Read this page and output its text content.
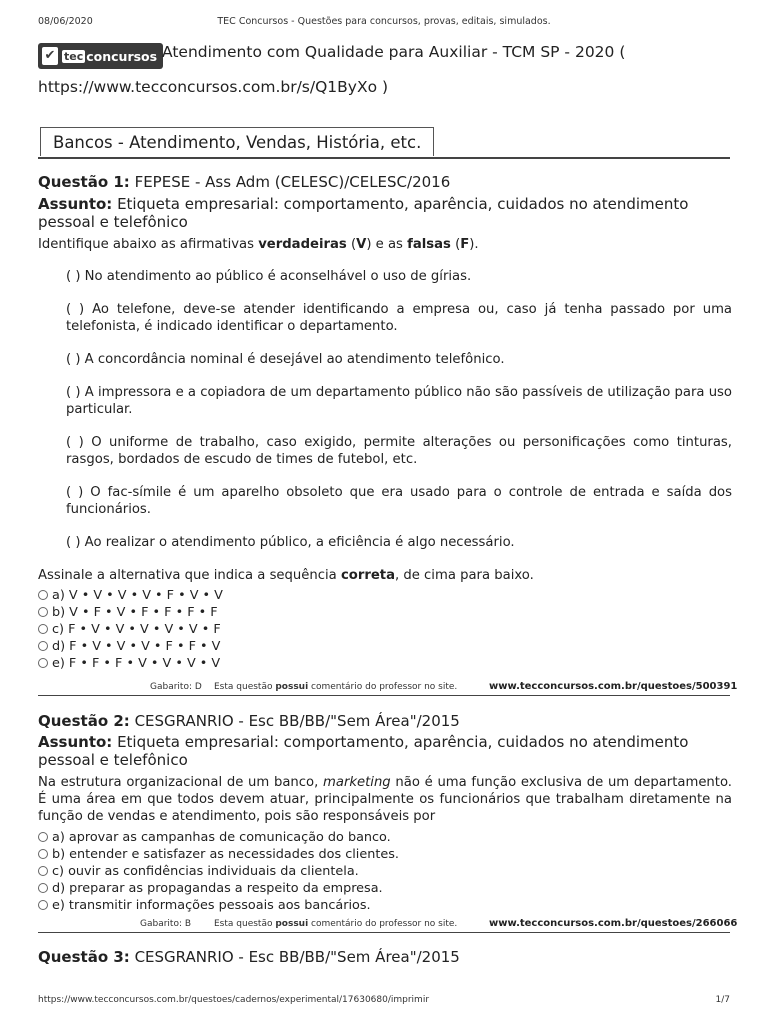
08/06/2020	TEC Concursos - Questões para concursos, provas, editais, simulados.
✔ tec concursos Atendimento com Qualidade para Auxiliar - TCM SP - 2020 (
https://www.tecconcursos.com.br/s/Q1ByXo )
Bancos - Atendimento, Vendas, História, etc.
Questão 1: FEPESE - Ass Adm (CELESC)/CELESC/2016
Assunto: Etiqueta empresarial: comportamento, aparência, cuidados no atendimento pessoal e telefônico
Identifique abaixo as afirmativas verdadeiras (V) e as falsas (F).
( ) No atendimento ao público é aconselhável o uso de gírias.
( ) Ao telefone, deve-se atender identificando a empresa ou, caso já tenha passado por uma telefonista, é indicado identificar o departamento.
( ) A concordância nominal é desejável ao atendimento telefônico.
( ) A impressora e a copiadora de um departamento público não são passíveis de utilização para uso particular.
( ) O uniforme de trabalho, caso exigido, permite alterações ou personificações como tinturas, rasgos, bordados de escudo de times de futebol, etc.
( ) O fac-símile é um aparelho obsoleto que era usado para o controle de entrada e saída dos funcionários.
( ) Ao realizar o atendimento público, a eficiência é algo necessário.
Assinale a alternativa que indica a sequência correta, de cima para baixo.
a) V • V • V • V • F • V • V
b) V • F • V • F • F • F • F
c) F • V • V • V • V • V • F
d) F • V • V • V • F • F • V
e) F • F • F • V • V • V • V
Gabarito: D Esta questão possui comentário do professor no site.	www.tecconcursos.com.br/questoes/500391
Questão 2: CESGRANRIO - Esc BB/BB/"Sem Área"/2015
Assunto: Etiqueta empresarial: comportamento, aparência, cuidados no atendimento pessoal e telefônico
Na estrutura organizacional de um banco, marketing não é uma função exclusiva de um departamento. É uma área em que todos devem atuar, principalmente os funcionários que trabalham diretamente na função de vendas e atendimento, pois são responsáveis por
a) aprovar as campanhas de comunicação do banco.
b) entender e satisfazer as necessidades dos clientes.
c) ouvir as confidências individuais da clientela.
d) preparar as propagandas a respeito da empresa.
e) transmitir informações pessoais aos bancários.
Gabarito: B	Esta questão possui comentário do professor no site.	www.tecconcursos.com.br/questoes/266066
Questão 3: CESGRANRIO - Esc BB/BB/"Sem Área"/2015
https://www.tecconcursos.com.br/questoes/cadernos/experimental/17630680/imprimir	1/7
